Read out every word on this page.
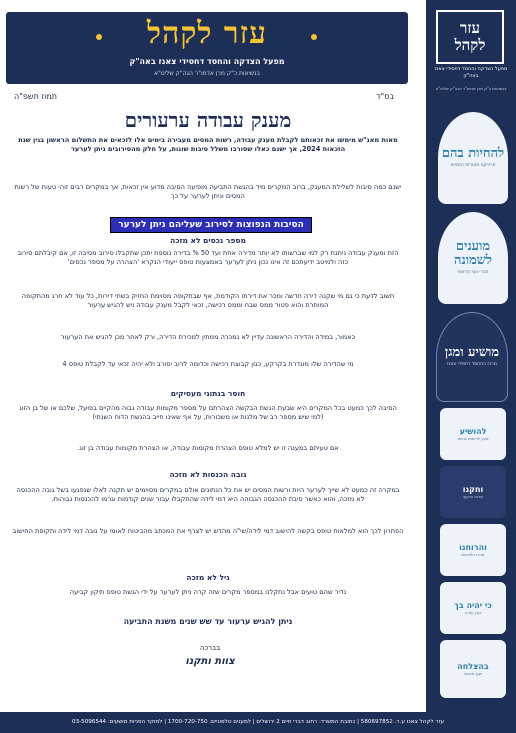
עזר לקהל
מפעל הצדקה והחסד דחסידי צאנז באה"ק
בנשיאות כ"ק מרן אדמו"ר הגה"ק שליט"א
עזר
לקהל
מפעל הצדקה והחסד דחסידי צאנז באה"ק
בנשיאות כ"ק מרן אדמו"ר הגה"ק שליט"א
להחיות בהם
פרוייקט מאורות הזכויות
מוענים לשמונה
חברי ועד הרוחני
מושיע ומגן
מרכז ההחסד דחסידי צאנז
להושיע
סיוע לרישום זכויות
וחקנו
מרכז הייעוץ
והרוחנו
מרכז הלוואות
כי יהיה בך
קרן עזרה
בהצלחה
יעוץ פיננסי
תמוז תשפ"ה	בס"ד
מענק עבודה ערעורים
מאות מאנ"ש מימשו את זכאותם לקבלת מענק עבודה, רשות המסים מעבירה בימים אלו לזכאים את התשלום הראשון בגין שנת הזכאות 2024, אך ישנם כאלו שסורבו משלל סיבות שונות, על חלק מהסירובים ניתן לערער
ישנם כמה סיבות לשלילת המענק, ברוב המקרים מיד בהגשת התביעה מופיעה הסיבה מדוע אין זכאות, אך במקרים רבים זוהי טעות של רשות המסים וניתן לערער על כך
הסיבות הנפוצות לסירוב שעליהם ניתן לערער
מספר נכסים לא מזכה
הזת ומענק עבודה ניתנת רק למי שברשותו לא יותר מדירה אחת ועד 50 % בדירה נוספת יתכן שתקבלו סירוב מסיבה זו, אם קיבלתם סירוב כזה ולמיטב ידיעתכם זה אינו נכון ניתן לערער באמצעות טופס ייעודי הנקרא 'הצהרה על מספר נכסים'
חשוב לדעת כי גם מי שקנה דירה חדשה ומכר את דירתו הקודמת, אף שבתקופה מסוימת החזיק בשתי דירות, כל עוד לא חרג מהתקופה המותרת והוא פטור ממס שבח וממס רכישה, זכאי לקבל מענק עבודה ויש להגיש ערעור
כאמור, במידה והדירה הראשונה עדיין לא נמכרה ממתין למכירת הדירה, ורק לאחר מכן להגיש את הערעור
מי שהדירה שלו מוגדרת בקרקע, כגון קבוצת רכישה וכדומה לרוב יסורב ולא יהיה זכאי עד לקבלת טופס 4
חוסר בנתוני מעסיקים
הסיבה לכך כמעט בכל המקרים היא שבעת הגשת הבקשה הצהרתם על מספר מקומות עבודה גבוה מהקיים בפועל, שלכם או של בן הזוג (למי שיש מספר רב של מלגות או משכורות, על אף שאינו חייב בהגשת הדוח השנתי)
אם טעיתם במענה זו יש למלא טופס הצהרת מקומות עבודה, או הצהרת מקומות עבודה בן זוג.
גובה הכנסות לא מזכה
במקרה זה כמעט לא שייך לערער היות ורשות המסים יש את כל הנתונים אולם במקרים מסוימים יש תקנה לאלו שנפגעו בשל גובה ההכנסה לא מזכה, והוא כאשר סיבת ההכנסה הגבוהה היא דמי לידה שהתקבלו עבור שנים קודמות וגרמו להכנסות גבוהות.
הפתרון לכך הוא למלאות טופס בקשה להישוב דמי לידה/שי"ה מהדש יש לצרף את המכתב מהביטוח לאומי על גובה דמי לידה ותקופת החישוב
גיל לא מזכה
נדיר שהם טועים אבל נתקלנו במספר מקרים שזה קרה ניתן לערער על ידי הגשת טופס תיקון קביעה
ניתן להגיש ערעור עד שש שנים משנת התביעה
בברכה
צוות ותקנו
עזר לקהל צאנז ע.ר. 580697852 | כתובת המשרד: רחוב דברי חיים 2 ירושלים | למענים טלפוניים: 1700-720-750 | למוקד הפניות מושעים: 03-5096544
